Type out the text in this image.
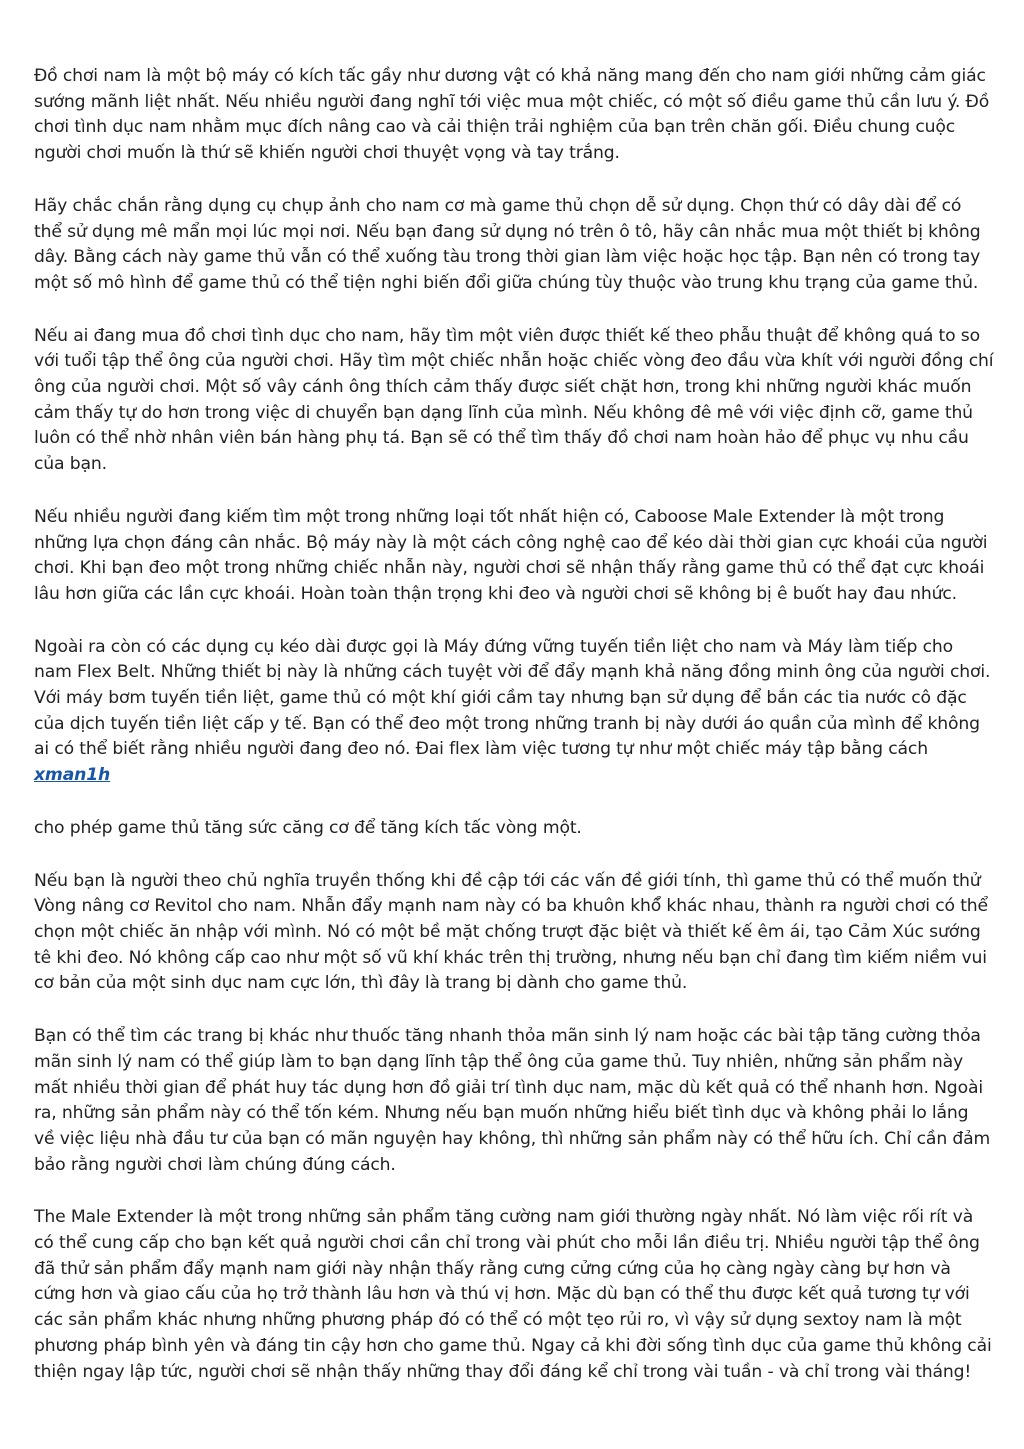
Đồ chơi nam là một bộ máy có kích tấc gầy như dương vậ̣t có khả năng mang đến cho nam giới những cảm giác sướng mãnh liệt nhất. Nếu nhiều người đang nghĩ tới việc mua một chiếc, có một số điều game thủ cần lưu ý. Đồ chơi tình dục nam nhằm mục đích nâng cao và cải thiện trải nghiệm của bạn trên chăn gối. Điều chung cuộc người chơi muốn là thứ sẽ khiến người chơi thuyệt vọng và tay trắng.

Hãy chắc chắn rằng dụng cụ chụp ảnh cho nam cơ mà game thủ chọn dễ sử dụng. Chọn thứ có dây dài để có thể sử dụng mê mẩn mọi lúc mọi nơi. Nếu bạn đang sử dụng nó trên ô tô, hãy cân nhắc mua một thiết bị không dây. Bằng cách này game thủ vẫn có thể xuống tàu trong thời gian làm việc hoặc học tập. Bạn nên có trong tay một số mô hình để game thủ có thể tiện nghi biến đổi giữa chúng tùy thuộc vào trung khu trạng của game thủ.

Nếu ai đang mua đồ chơi tình dục cho nam, hãy tìm một viên được thiết kế theo phẫu thuật để không quá to so với tuổi tập thể ông của người chơi. Hãy tìm một chiếc nhẫn hoặc chiếc vòng đeo đầu vừa khít với người đồng chí ông của người chơi. Một số vây cánh ông thích cảm thấy được siết chặt hơn, trong khi những người khác muốn cảm thấy tự do hơn trong việc di chuyển bạn dạng lĩnh của mình. Nếu không đê mê với việc định cỡ, game thủ luôn có thể nhờ nhân viên bán hàng phụ tá. Bạn sẽ có thể tìm thấy đồ chơi nam hoàn hảo để phục vụ nhu cầu của bạn.

Nếu nhiều người đang kiếm tìm một trong những loại tốt nhất hiện có, Caboose Male Extender là một trong những lựa chọn đáng cân nhắc. Bộ máy này là một cách công nghệ cao để kéo dài thời gian cực khoái của người chơi. Khi bạn đeo một trong những chiếc nhẫn này, người chơi sẽ nhận thấy rằng game thủ có thể đạt cực khoái lâu hơn giữa các lần cực khoái. Hoàn toàn thận trọng khi đeo và người chơi sẽ không bị ê buốt hay đau nhức.

Ngoài ra còn có các dụng cụ kéo dài được gọi là Máy đứng vững tuyến tiền liệt cho nam và Máy làm tiếp cho nam Flex Belt. Những thiết bị này là những cách tuyệt vời để đẩy mạnh khả năng đồng minh ông của người chơi. Với máy bơm tuyến tiền liệt, game thủ có một khí giới cầm tay nhưng bạn sử dụng để bắn các tia nước cô đặc của dịch tuyến tiền liệt cấp y tế. Bạn có thể đeo một trong những tranh bị này dưới áo quần của mình để không ai có thể biết rằng nhiều người đang đeo nó. Đai flex làm việc tương tự như một chiếc máy tập bằng cách xman1h

cho phép game thủ tăng sức căng cơ để tăng kích tấc vòng một.

Nếu bạn là người theo chủ nghĩa truyền thống khi đề cập tới các vấn đề giới tính, thì game thủ có thể muốn thử Vòng nâng cơ Revitol cho nam. Nhẫn đẩy mạnh nam này có ba khuôn khổ̉ khác nhau, thành ra người chơi có thể chọn một chiếc ăn nhập với mình. Nó có một bề mặt chống trượt đặc biệt và thiết kế êm ái, tạo Cảm Xúc sướng tê khi đeo. Nó không cấp cao như một số vũ khí khác trên thị trường, nhưng nếu bạn chỉ đang tìm kiếm niềm vui cơ bản của một sinh dục nam cực lớn, thì đây là trang bị dành cho game thủ.

Bạn có thể tìm các trang bị khác như thuốc tăng nhanh thỏa mãn sinh lý nam hoặc các bài tập tăng cường thỏa mãn sinh lý nam có thể giúp làm to bạn dạng lĩnh tập thể ông của game thủ. Tuy nhiên, những sản phẩm này mất nhiều thời gian để phát huy tác dụng hơn đồ giải trí tình dục nam, mặc dù kết quả có thể nhanh hơn. Ngoài ra, những sản phẩm này có thể tốn kém. Nhưng nếu bạn muốn những hiểu biết tình dục và không phải lo lắng về việc liệu nhà đầu tư của bạn có mãn nguyện hay không, thì những sản phẩm này có thể hữu ích. Chỉ cần đảm bảo rằng người chơi làm chúng đúng cách.

The Male Extender là một trong những sản phẩm tăng cường nam giới thường ngày nhất. Nó làm việc rối rít và có thể cung cấp cho bạn kết quả người chơi cần chỉ trong vài phút cho mỗi lần điều trị. Nhiều người tập thể ông đã thử sản phẩm đẩy mạnh nam giới này nhận thấy rằng cưng cửng cứng của họ càng ngày càng bự hơn và cứng hơn và giao cấu của họ trở thành lâu hơn và thú vị hơn. Mặc dù bạn có thể thu được kết quả tương tự với các sản phẩm khác nhưng những phương pháp đó có thể có một tẹo rủi ro, vì vậy sử dụng sextoy nam là một phương pháp bình yên và đáng tin cậy hơn cho game thủ. Ngay cả khi đời sống tình dục của game thủ không cải thiện ngay lập tức, người chơi sẽ nhận thấy những thay đổi đáng kể chỉ trong vài tuần - và chỉ trong vài tháng!
